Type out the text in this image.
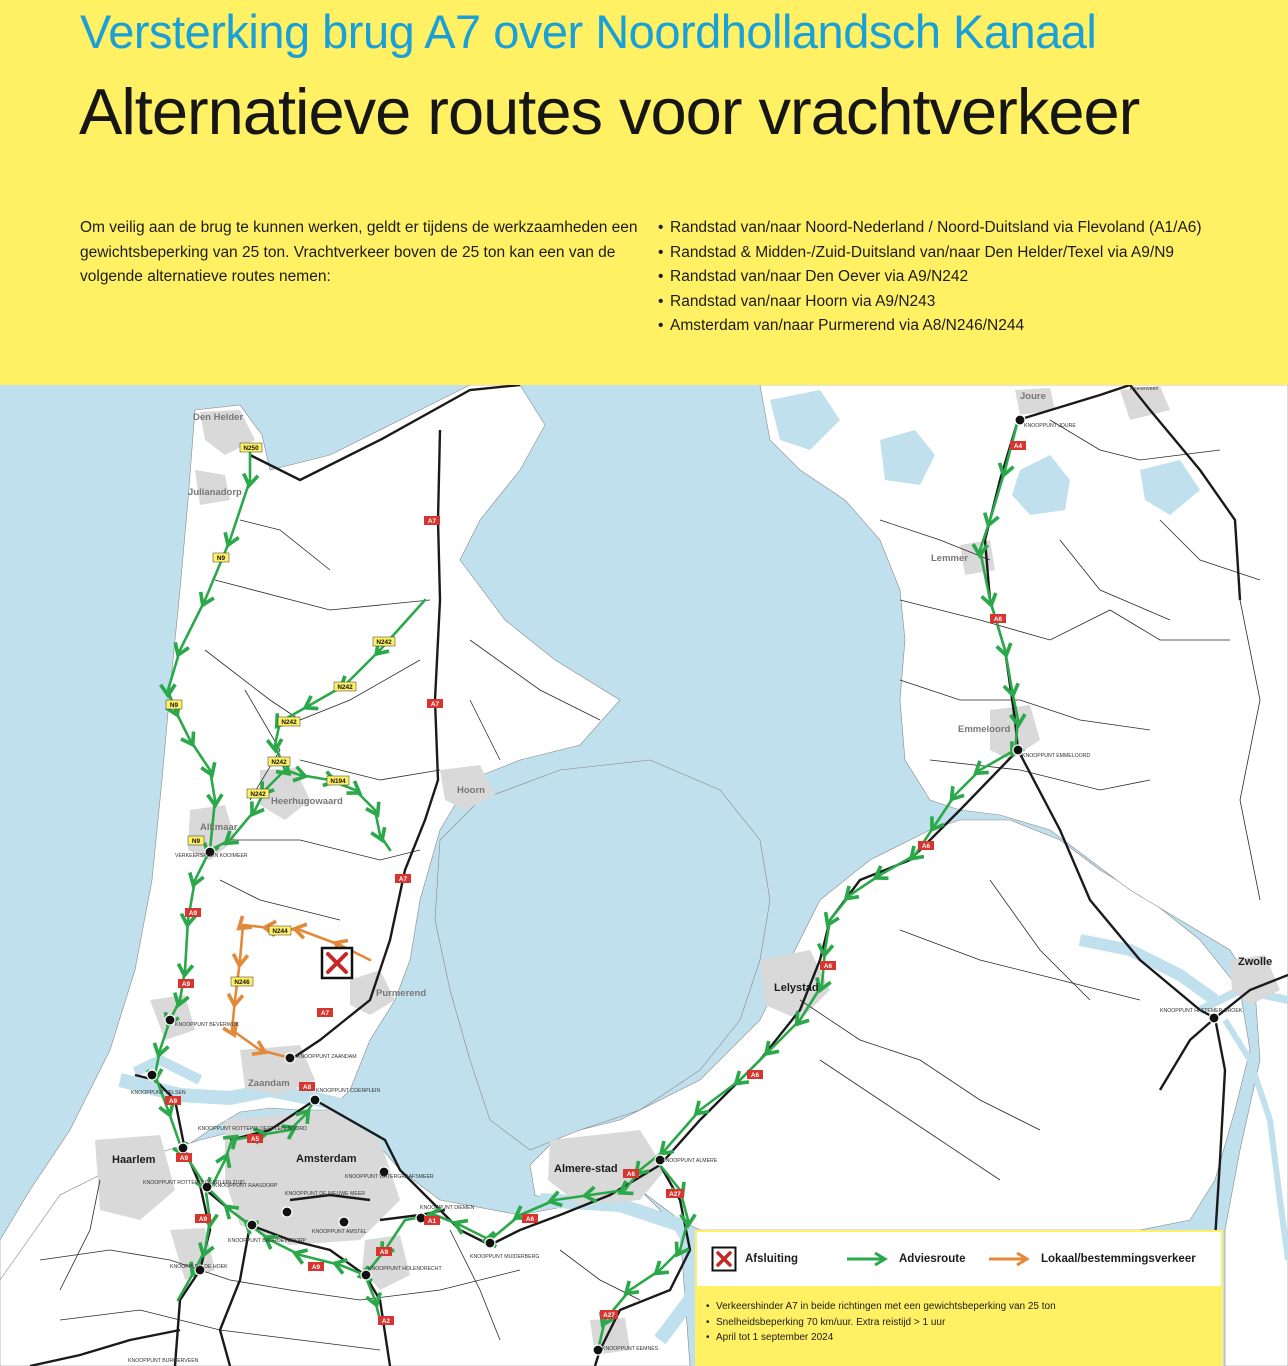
Versterking brug A7 over Noordhollandsch Kanaal
Alternatieve routes voor vrachtverkeer
Om veilig aan de brug te kunnen werken, geldt er tijdens de werkzaamheden een gewichtsbeperking van 25 ton. Vrachtverkeer boven de 25 ton kan een van de volgende alternatieve routes nemen:
• Randstad van/naar Noord-Nederland / Noord-Duitsland via Flevoland (A1/A6)
• Randstad & Midden-/Zuid-Duitsland van/naar Den Helder/Texel via A9/N9
• Randstad van/naar Den Oever via A9/N242
• Randstad van/naar Hoorn via A9/N243
• Amsterdam van/naar Purmerend via A8/N246/N244
Den Helder
Julianadorp
Alkmaar
Heerhugowaard
Hoorn
Purmerend
Zaandam
Haarlem	Amsterdam
Almere-stad
Lelystad
Emmeloord
Lemmer
Joure
Zwolle
Heerenveen
KNOOPPUNT JOURE
KNOOPPUNT EMMELOORD
KNOOPPUNT HATTEMER-BROEK
VERKEERSPLEIN KOOIMEER
KNOOPPUNT BEVERWIJK
KNOOPPUNT VELSEN
KNOOPPUNT ZAANDAM
KNOOPPUNT COENPLEIN
KNOOPPUNT ROTTEPOLDERPLEIN NOORD
KNOOPPUNT ROTTEPOLDERPLEIN ZUID
KNOOPPUNT RAASDORP
KNOOPPUNT DE NIEUWE MEER
KNOOPPUNT WATERGRAAFSMEER
KNOOPPUNT AMSTEL
KNOOPPUNT BADHOEVEDORP
KNOOPPUNT DE HOEK	KNOOPPUNT HOLENDRECHT
KNOOPPUNT DIEMEN
KNOOPPUNT MUIDERBERG
KNOOPPUNT ALMERE
KNOOPPUNT EEMNES
KNOOPPUNT BURGERVEEN
A7
A7
A7
A7
A4
A6
A6
A6
A6
A6
A6
A27
A27
A1
A9
A9
A9
A9
A9
A9
A9
A5
A8
A2
N250
N9
N9
N9
N242
N242
N242
N242
N242
N194
N244
N246
Afsluiting	Adviesroute	Lokaal/bestemmingsverkeer
• Verkeershinder A7 in beide richtingen met een gewichtsbeperking van 25 ton
• Snelheidsbeperking 70 km/uur. Extra reistijd > 1 uur
• April tot 1 september 2024
